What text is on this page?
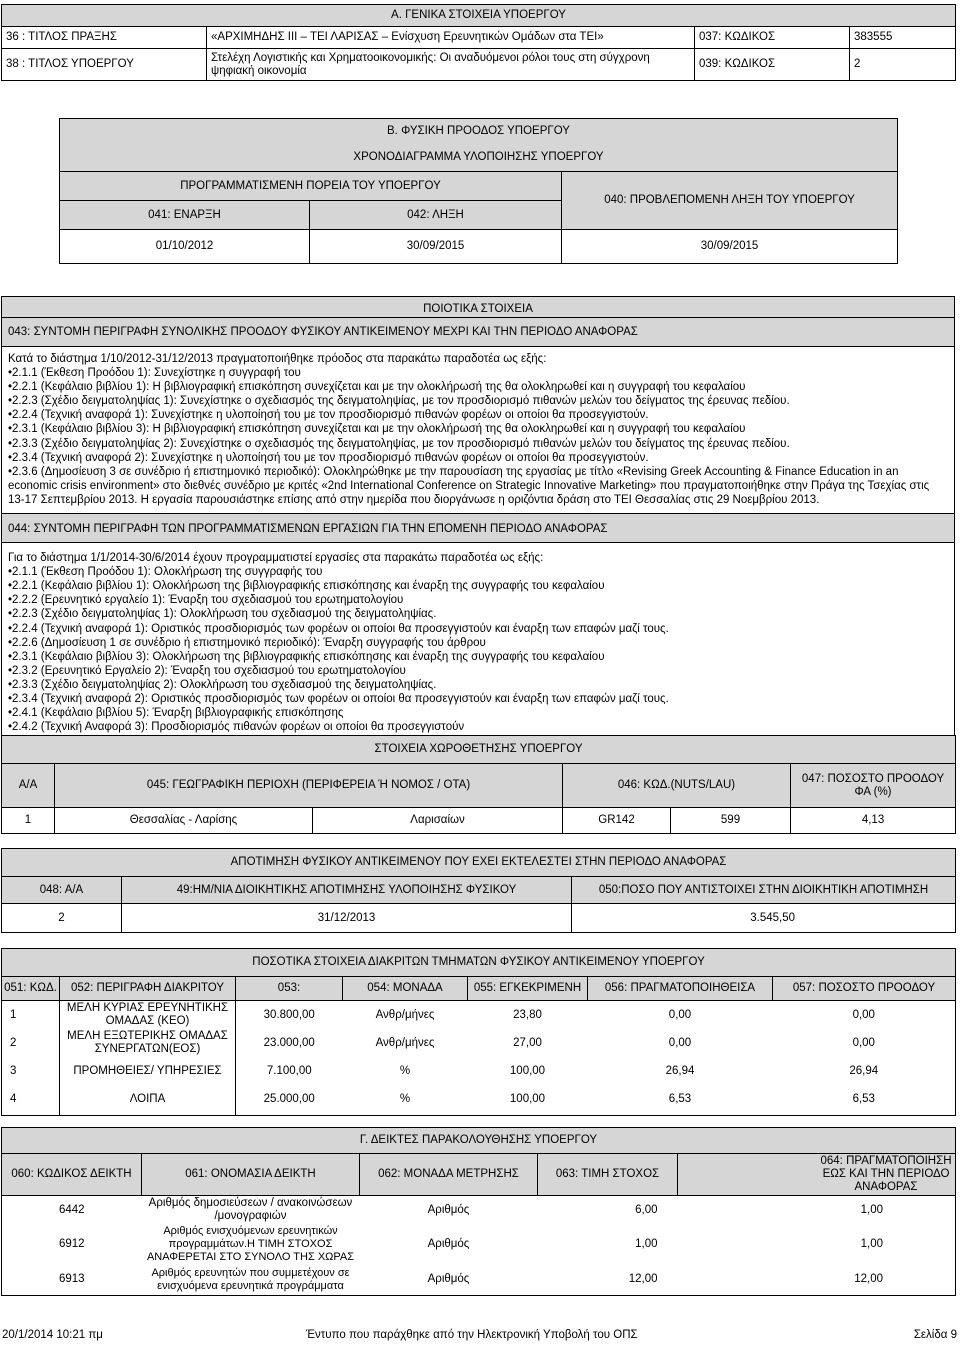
Α. ΓΕΝΙΚΑ ΣΤΟΙΧΕΙΑ ΥΠΟΕΡΓΟΥ			
36 : ΤΙΤΛΟΣ ΠΡΑΞΗΣ	«ΑΡΧΙΜΗΔΗΣ ΙΙΙ – ΤΕΙ ΛΑΡΙΣΑΣ – Ενίσχυση Ερευνητικών Ομάδων στα ΤΕΙ»	037: ΚΩΔΙΚΟΣ	383555
38 : ΤΙΤΛΟΣ ΥΠΟΕΡΓΟΥ	Στελέχη Λογιστικής και Χρηματοοικονομικής: Οι αναδυόμενοι ρόλοι τους στη σύγχρονη ψηφιακή οικονομία	039: ΚΩΔΙΚΟΣ	2
Β. ΦΥΣΙΚΗ ΠΡΟΟΔΟΣ ΥΠΟΕΡΓΟΥ		
ΧΡΟΝΟΔΙΑΓΡΑΜΜΑ ΥΛΟΠΟΙΗΣΗΣ ΥΠΟΕΡΓΟΥ		
ΠΡΟΓΡΑΜΜΑΤΙΣΜΕΝΗ ΠΟΡΕΙΑ ΤΟΥ ΥΠΟΕΡΓΟΥ		040: ΠΡΟΒΛΕΠΟΜΕΝΗ ΛΗΞΗ ΤΟΥ ΥΠΟΕΡΓΟΥ
041: ΕΝΑΡΞΗ	042: ΛΗΞΗ	
01/10/2012	30/09/2015	30/09/2015
ΠΟΙΟΤΙΚΑ ΣΤΟΙΧΕΙΑ
043: ΣΥΝΤΟΜΗ ΠΕΡΙΓΡΑΦΗ ΣΥΝΟΛΙΚΗΣ ΠΡΟΟΔΟΥ ΦΥΣΙΚΟΥ ΑΝΤΙΚΕΙΜΕΝΟΥ ΜΕΧΡΙ ΚΑΙ ΤΗΝ ΠΕΡΙΟΔΟ ΑΝΑΦΟΡΑΣ

Κατά το διάστημα 1/10/2012-31/12/2013 πραγματοποιήθηκε πρόοδος στα παρακάτω παραδοτέα ως εξής:

•2.1.1 (Έκθεση Προόδου 1): Συνεχίστηκε η συγγραφή του

•2.2.1 (Κεφάλαιο βιβλίου 1): Η βιβλιογραφική επισκόπηση συνεχίζεται και με την ολοκλήρωσή της θα ολοκληρωθεί και η συγγραφή του κεφαλαίου

•2.2.3 (Σχέδιο δειγματοληψίας 1): Συνεχίστηκε ο σχεδιασμός της δειγματοληψίας, με τον προσδιορισμό πιθανών μελών του δείγματος της έρευνας πεδίου.

•2.2.4 (Τεχνική αναφορά 1): Συνεχίστηκε η υλοποίησή του με τον προσδιορισμό πιθανών φορέων οι οποίοι θα προσεγγιστούν.

•2.3.1 (Κεφάλαιο βιβλίου 3): Η βιβλιογραφική επισκόπηση συνεχίζεται και με την ολοκλήρωσή της θα ολοκληρωθεί και η συγγραφή του κεφαλαίου

•2.3.3 (Σχέδιο δειγματοληψίας 2): Συνεχίστηκε ο σχεδιασμός της δειγματοληψίας, με τον προσδιορισμό πιθανών μελών του δείγματος της έρευνας πεδίου.

•2.3.4 (Τεχνική αναφορά 2): Συνεχίστηκε η υλοποίησή του με τον προσδιορισμό πιθανών φορέων οι οποίοι θα προσεγγιστούν.

•2.3.6 (Δημοσίευση 3 σε συνέδριο ή επιστημονικό περιοδικό): Ολοκληρώθηκε με την παρουσίαση της εργασίας με τίτλο «Revising Greek Accounting & Finance Education in an economic crisis environment» στο διεθνές συνέδριο με κριτές «2nd International Conference on Strategic Innovative Marketing» που πραγματοποιήθηκε στην Πράγα της Τσεχίας στις 13-17 Σεπτεμβρίου 2013. Η εργασία παρουσιάστηκε επίσης από στην ημερίδα που διοργάνωσε η οριζόντια δράση στο ΤΕΙ Θεσσαλίας στις 29 Νοεμβρίου 2013.

044: ΣΥΝΤΟΜΗ ΠΕΡΙΓΡΑΦΗ ΤΩΝ ΠΡΟΓΡΑΜΜΑΤΙΣΜΕΝΩΝ ΕΡΓΑΣΙΩΝ ΓΙΑ ΤΗΝ ΕΠΟΜΕΝΗ ΠΕΡΙΟΔΟ ΑΝΑΦΟΡΑΣ

Για το διάστημα 1/1/2014-30/6/2014 έχουν προγραμματιστεί εργασίες στα παρακάτω παραδοτέα ως εξής:

•2.1.1 (Έκθεση Προόδου 1): Ολοκλήρωση της συγγραφής του

•2.2.1 (Κεφάλαιο βιβλίου 1): Ολοκλήρωση της βιβλιογραφικής επισκόπησης και έναρξη της συγγραφής του κεφαλαίου

•2.2.2 (Ερευνητικό εργαλείο 1): Έναρξη του σχεδιασμού του ερωτηματολογίου

•2.2.3 (Σχέδιο δειγματοληψίας 1): Ολοκλήρωση του σχεδιασμού της δειγματοληψίας.

•2.2.4 (Τεχνική αναφορά 1): Οριστικός προσδιορισμός των φορέων οι οποίοι θα προσεγγιστούν και έναρξη των επαφών μαζί τους.

•2.2.6 (Δημοσίευση 1 σε συνέδριο ή επιστημονικό περιοδικό): Έναρξη συγγραφής του άρθρου

•2.3.1 (Κεφάλαιο βιβλίου 3): Ολοκλήρωση της βιβλιογραφικής επισκόπησης και έναρξη της συγγραφής του κεφαλαίου

•2.3.2 (Ερευνητικό Εργαλείο 2): Έναρξη του σχεδιασμού του ερωτηματολογίου

•2.3.3 (Σχέδιο δειγματοληψίας 2): Ολοκλήρωση του σχεδιασμού της δειγματοληψίας.

•2.3.4 (Τεχνική αναφορά 2): Οριστικός προσδιορισμός των φορέων οι οποίοι θα προσεγγιστούν και έναρξη των επαφών μαζί τους.

•2.4.1 (Κεφάλαιο βιβλίου 5): Έναρξη βιβλιογραφικής επισκόπησης

•2.4.2 (Τεχνική Αναφορά 3): Προσδιορισμός πιθανών φορέων οι οποίοι θα προσεγγιστούν

ΣΤΟΙΧΕΙΑ ΧΩΡΟΘΕΤΗΣΗΣ ΥΠΟΕΡΓΟΥ					
Α/Α	045: ΓΕΩΓΡΑΦΙΚΗ ΠΕΡΙΟΧΗ (ΠΕΡΙΦΕΡΕΙΑ Ή ΝΟΜΟΣ / ΟΤΑ)		046: ΚΩΔ.(NUTS/LAU)		047: ΠΟΣΟΣΤΟ ΠΡΟΟΔΟΥ ΦΑ (%)
1	Θεσσαλίας - Λαρίσης	Λαρισαίων	GR142	599	4,13
ΑΠΟΤΙΜΗΣΗ ΦΥΣΙΚΟΥ ΑΝΤΙΚΕΙΜΕΝΟΥ ΠΟΥ ΕΧΕΙ ΕΚΤΕΛΕΣΤΕΙ ΣΤΗΝ ΠΕΡΙΟΔΟ ΑΝΑΦΟΡΑΣ		
048: Α/Α	49:ΗΜ/ΝΙΑ ΔΙΟΙΚΗΤΙΚΗΣ ΑΠΟΤΙΜΗΣΗΣ ΥΛΟΠΟΙΗΣΗΣ ΦΥΣΙΚΟΥ	050:ΠΟΣΟ ΠΟΥ ΑΝΤΙΣΤΟΙΧΕΙ ΣΤΗΝ ΔΙΟΙΚΗΤΙΚΗ ΑΠΟΤΙΜΗΣΗ
2	31/12/2013	3.545,50
ΠΟΣΟΤΙΚΑ ΣΤΟΙΧΕΙΑ ΔΙΑΚΡΙΤΩΝ ΤΜΗΜΑΤΩΝ ΦΥΣΙΚΟΥ ΑΝΤΙΚΕΙΜΕΝΟΥ ΥΠΟΕΡΓΟΥ						
051: ΚΩΔ.	052: ΠΕΡΙΓΡΑΦΗ ΔΙΑΚΡΙΤΟΥ	053:	054: ΜΟΝΑΔΑ	055: ΕΓΚΕΚΡΙΜΕΝΗ	056: ΠΡΑΓΜΑΤΟΠΟΙΗΘΕΙΣΑ	057: ΠΟΣΟΣΤΟ ΠΡΟΟΔΟΥ
1	ΜΕΛΗ ΚΥΡΙΑΣ ΕΡΕΥΝΗΤΙΚΗΣ ΟΜΑΔΑΣ (ΚΕΟ)	30.800,00	Ανθρ/μήνες	23,80	0,00	0,00
2	ΜΕΛΗ ΕΞΩΤΕΡΙΚΗΣ ΟΜΑΔΑΣ ΣΥΝΕΡΓΑΤΩΝ(ΕΟΣ)	23.000,00	Ανθρ/μήνες	27,00	0,00	0,00
3	ΠΡΟΜΗΘΕΙΕΣ/ ΥΠΗΡΕΣΙΕΣ	7.100,00	%	100,00	26,94	26,94
4	ΛΟΙΠΑ	25.000,00	%	100,00	6,53	6,53
Γ. ΔΕΙΚΤΕΣ ΠΑΡΑΚΟΛΟΥΘΗΣΗΣ ΥΠΟΕΡΓΟΥ				
060: ΚΩΔΙΚΟΣ ΔΕΙΚΤΗ	061: ΟΝΟΜΑΣΙΑ ΔΕΙΚΤΗ	062: ΜΟΝΑΔΑ ΜΕΤΡΗΣΗΣ	063: ΤΙΜΗ ΣΤΟΧΟΣ	064: ΠΡΑΓΜΑΤΟΠΟΙΗΣΗ ΕΩΣ ΚΑΙ ΤΗΝ ΠΕΡΙΟΔΟ ΑΝΑΦΟΡΑΣ
6442	Αριθμός δημοσιεύσεων / ανακοινώσεων /μονογραφιών	Αριθμός	6,00	1,00
6912	Αριθμός ενισχυόμενων ερευνητικών προγραμμάτων.Η ΤΙΜΗ ΣΤΟΧΟΣ ΑΝΑΦΕΡΕΤΑΙ ΣΤΟ ΣΥΝΟΛΟ ΤΗΣ ΧΩΡΑΣ	Αριθμός	1,00	1,00
6913	Αριθμός ερευνητών που συμμετέχουν σε ενισχυόμενα ερευνητικά προγράμματα	Αριθμός	12,00	12,00
20/1/2014 10:21 πμ	Έντυπο που παράχθηκε από την Ηλεκτρονική Υποβολή του ΟΠΣ	Σελίδα 9
